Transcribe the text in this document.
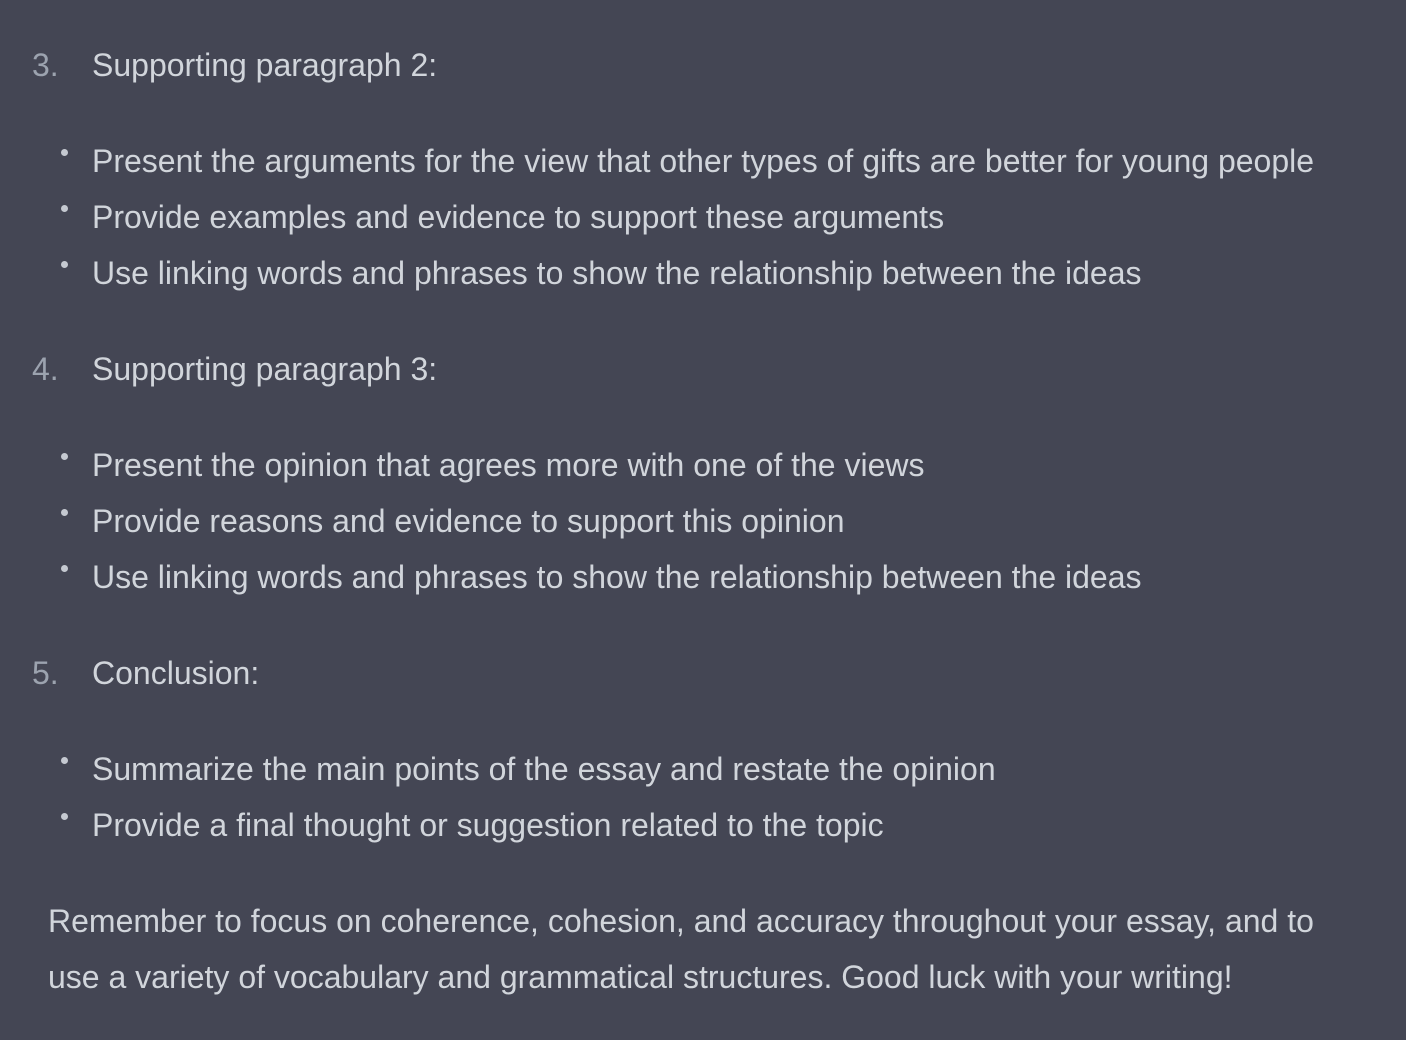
3.	Supporting paragraph 2:
Present the arguments for the view that other types of gifts are better for young people
Provide examples and evidence to support these arguments
Use linking words and phrases to show the relationship between the ideas
4.	Supporting paragraph 3:
Present the opinion that agrees more with one of the views
Provide reasons and evidence to support this opinion
Use linking words and phrases to show the relationship between the ideas
5.	Conclusion:
Summarize the main points of the essay and restate the opinion
Provide a final thought or suggestion related to the topic

Remember to focus on coherence, cohesion, and accuracy throughout your essay, and to use a variety of vocabulary and grammatical structures. Good luck with your writing!
